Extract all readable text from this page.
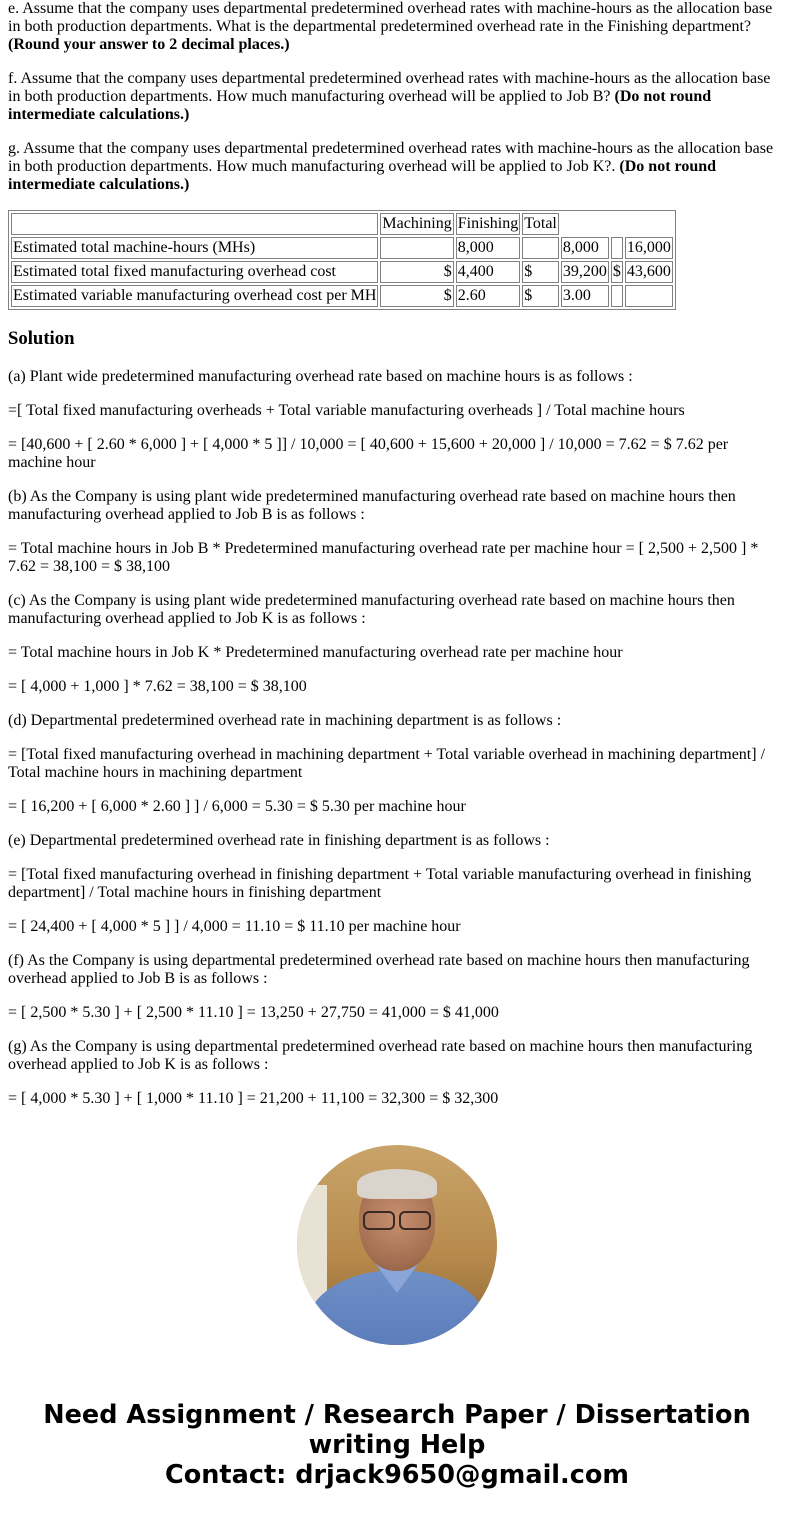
e. Assume that the company uses departmental predetermined overhead rates with machine-hours as the allocation base in both production departments. What is the departmental predetermined overhead rate in the Finishing department? (Round your answer to 2 decimal places.)

f. Assume that the company uses departmental predetermined overhead rates with machine-hours as the allocation base in both production departments. How much manufacturing overhead will be applied to Job B? (Do not round intermediate calculations.)

g. Assume that the company uses departmental predetermined overhead rates with machine-hours as the allocation base in both production departments. How much manufacturing overhead will be applied to Job K?. (Do not round intermediate calculations.)

	Machining	Finishing	Total			
Estimated total machine-hours (MHs)		8,000		8,000		16,000
Estimated total fixed manufacturing overhead cost	$	4,400	$	39,200	$	43,600
Estimated variable manufacturing overhead cost per MH	$	2.60	$	3.00		
Solution

(a) Plant wide predetermined manufacturing overhead rate based on machine hours is as follows :

=[ Total fixed manufacturing overheads + Total variable manufacturing overheads ] / Total machine hours

= [40,600 + [ 2.60 * 6,000 ] + [ 4,000 * 5 ]] / 10,000 = [ 40,600 + 15,600 + 20,000 ] / 10,000 = 7.62 = $ 7.62 per machine hour

(b) As the Company is using plant wide predetermined manufacturing overhead rate based on machine hours then manufacturing overhead applied to Job B is as follows :

= Total machine hours in Job B * Predetermined manufacturing overhead rate per machine hour = [ 2,500 + 2,500 ] * 7.62 = 38,100 = $ 38,100

(c) As the Company is using plant wide predetermined manufacturing overhead rate based on machine hours then manufacturing overhead applied to Job K is as follows :

= Total machine hours in Job K * Predetermined manufacturing overhead rate per machine hour

= [ 4,000 + 1,000 ] * 7.62 = 38,100 = $ 38,100

(d) Departmental predetermined overhead rate in machining department is as follows :

= [Total fixed manufacturing overhead in machining department + Total variable overhead in machining department] / Total machine hours in machining department

= [ 16,200 + [ 6,000 * 2.60 ] ] / 6,000 = 5.30 = $ 5.30 per machine hour

(e) Departmental predetermined overhead rate in finishing department is as follows :

= [Total fixed manufacturing overhead in finishing department + Total variable manufacturing overhead in finishing department] / Total machine hours in finishing department

= [ 24,400 + [ 4,000 * 5 ] ] / 4,000 = 11.10 = $ 11.10 per machine hour

(f) As the Company is using departmental predetermined overhead rate based on machine hours then manufacturing overhead applied to Job B is as follows :

= [ 2,500 * 5.30 ] + [ 2,500 * 11.10 ] = 13,250 + 27,750 = 41,000 = $ 41,000

(g) As the Company is using departmental predetermined overhead rate based on machine hours then manufacturing overhead applied to Job K is as follows :

= [ 4,000 * 5.30 ] + [ 1,000 * 11.10 ] = 21,200 + 11,100 = 32,300 = $ 32,300

Need Assignment / Research Paper / Dissertation writing Help
Contact: drjack9650@gmail.com
